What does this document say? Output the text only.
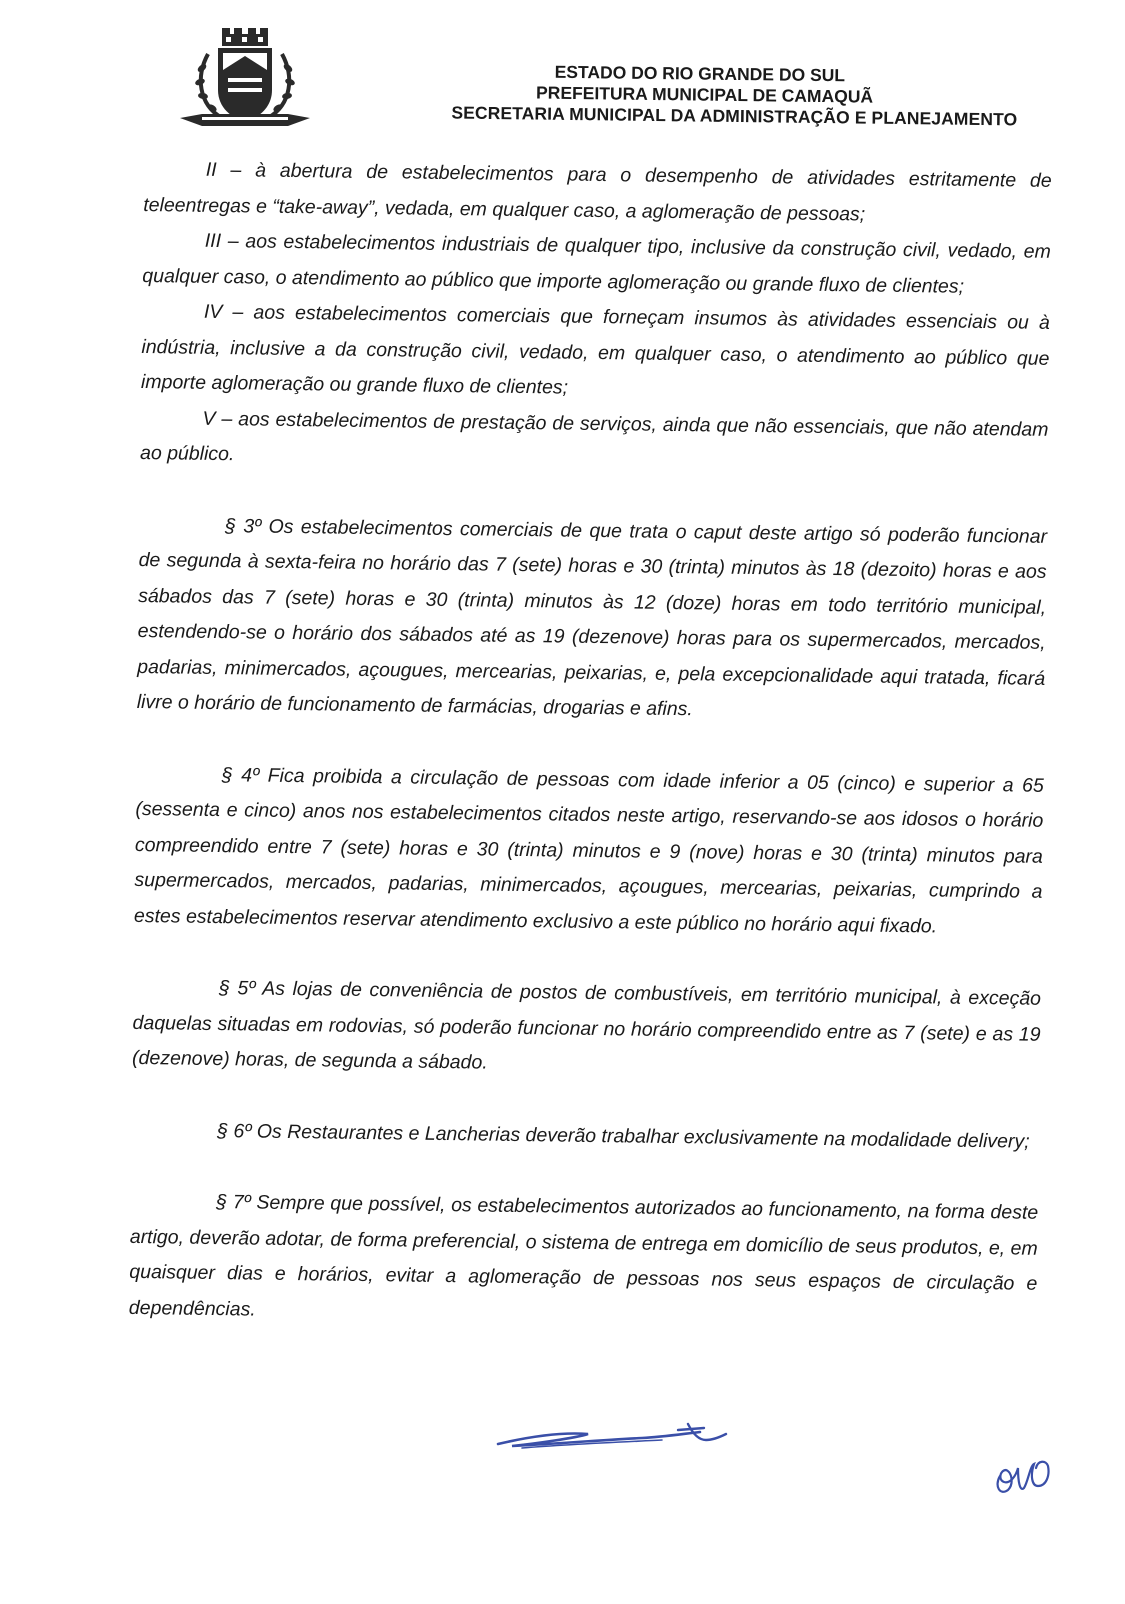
ESTADO DO RIO GRANDE DO SUL
PREFEITURA MUNICIPAL DE CAMAQUÃ
SECRETARIA MUNICIPAL DA ADMINISTRAÇÃO E PLANEJAMENTO

II – à abertura de estabelecimentos para o desempenho de atividades estritamente de teleentregas e “take-away”, vedada, em qualquer caso, a aglomeração de pessoas;

III – aos estabelecimentos industriais de qualquer tipo, inclusive da construção civil, vedado, em qualquer caso, o atendimento ao público que importe aglomeração ou grande fluxo de clientes;

IV – aos estabelecimentos comerciais que forneçam insumos às atividades essenciais ou à indústria, inclusive a da construção civil, vedado, em qualquer caso, o atendimento ao público que importe aglomeração ou grande fluxo de clientes;

V – aos estabelecimentos de prestação de serviços, ainda que não essenciais, que não atendam ao público.

§ 3º Os estabelecimentos comerciais de que trata o caput deste artigo só poderão funcionar de segunda à sexta-feira no horário das 7 (sete) horas e 30 (trinta) minutos às 18 (dezoito) horas e aos sábados das 7 (sete) horas e 30 (trinta) minutos às 12 (doze) horas em todo território municipal, estendendo-se o horário dos sábados até as 19 (dezenove) horas para os supermercados, mercados, padarias, minimercados, açougues, mercearias, peixarias, e, pela excepcionalidade aqui tratada, ficará livre o horário de funcionamento de farmácias, drogarias e afins.

§ 4º Fica proibida a circulação de pessoas com idade inferior a 05 (cinco) e superior a 65 (sessenta e cinco) anos nos estabelecimentos citados neste artigo, reservando-se aos idosos o horário compreendido entre 7 (sete) horas e 30 (trinta) minutos e 9 (nove) horas e 30 (trinta) minutos para supermercados, mercados, padarias, minimercados, açougues, mercearias, peixarias, cumprindo a estes estabelecimentos reservar atendimento exclusivo a este público no horário aqui fixado.

§ 5º As lojas de conveniência de postos de combustíveis, em território municipal, à exceção daquelas situadas em rodovias, só poderão funcionar no horário compreendido entre as 7 (sete) e as 19 (dezenove) horas, de segunda a sábado.

§ 6º Os Restaurantes e Lancherias deverão trabalhar exclusivamente na modalidade delivery;

§ 7º Sempre que possível, os estabelecimentos autorizados ao funcionamento, na forma deste artigo, deverão adotar, de forma preferencial, o sistema de entrega em domicílio de seus produtos, e, em quaisquer dias e horários, evitar a aglomeração de pessoas nos seus espaços de circulação e dependências.
